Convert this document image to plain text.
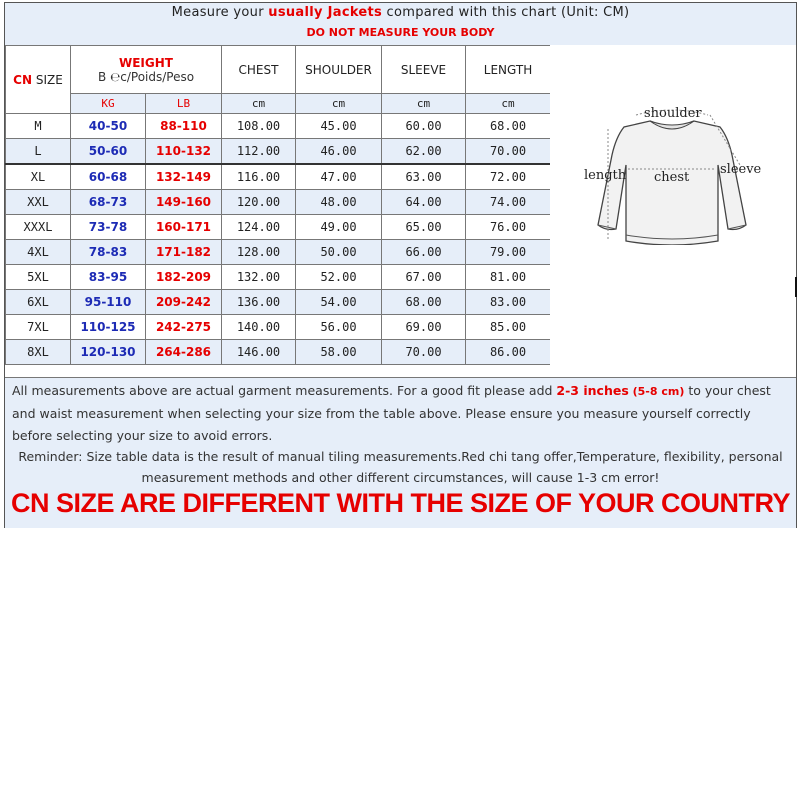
Measure your usually Jackets compared with this chart (Unit: CM)
DO NOT MEASURE YOUR BODY
CN SIZE	WEIGHT
Β ℮c/Poids/Peso		CHEST	SHOULDER	SLEEVE	LENGTH
	KG	LB	cm	cm	cm	cm
M	40-50	88-110	108.00	45.00	60.00	68.00
L	50-60	110-132	112.00	46.00	62.00	70.00
XL	60-68	132-149	116.00	47.00	63.00	72.00
XXL	68-73	149-160	120.00	48.00	64.00	74.00
XXXL	73-78	160-171	124.00	49.00	65.00	76.00
4XL	78-83	171-182	128.00	50.00	66.00	79.00
5XL	83-95	182-209	132.00	52.00	67.00	81.00
6XL	95-110	209-242	136.00	54.00	68.00	83.00
7XL	110-125	242-275	140.00	56.00	69.00	85.00
8XL	120-130	264-286	146.00	58.00	70.00	86.00
shoulder
length chest
sleeve
All measurements above are actual garment measurements. For a good fit please add 2-3 inches (5-8 cm) to your chest and waist measurement when selecting your size from the table above. Please ensure you measure yourself correctly before selecting your size to avoid errors.
Reminder: Size table data is the result of manual tiling measurements.Red chi tang offer,Temperature, flexibility, personal measurement methods and other different circumstances, will cause 1-3 cm error!
CN SIZE ARE DIFFERENT WITH THE SIZE OF YOUR COUNTRY
